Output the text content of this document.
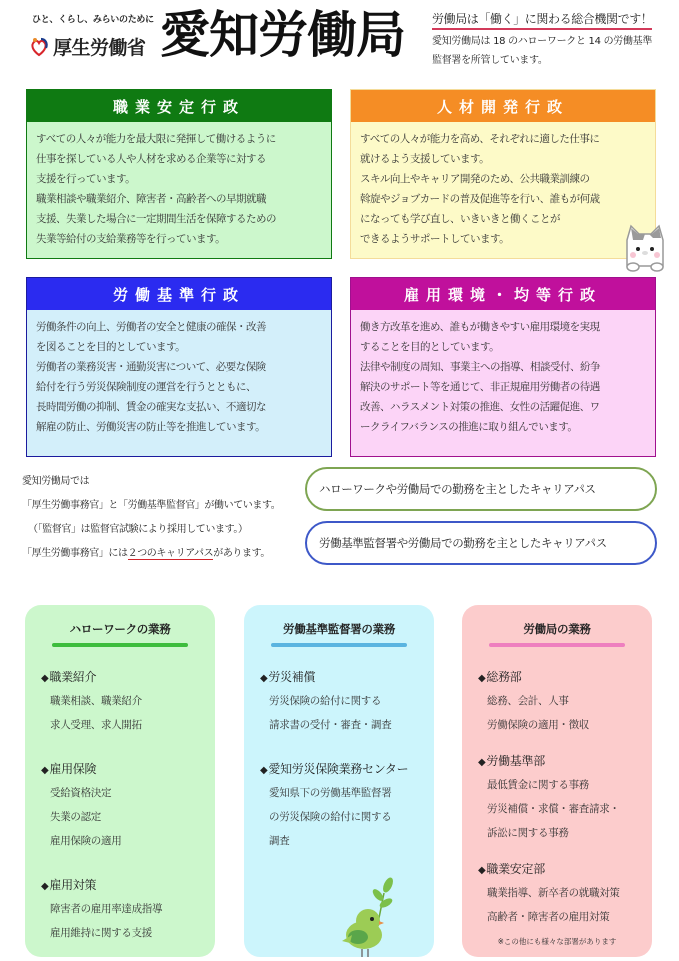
ひと、くらし、みらいのために
厚生労働省 愛知労働局 労働局は「働く」に関わる総合機関です！

愛知労働局は 18 のハローワークと 14 の労働基準

監督署を所管しています。

職業安定行政

すべての人々が能力を最大限に発揮して働けるように

仕事を探している人や人材を求める企業等に対する

支援を行っています。

職業相談や職業紹介、障害者・高齢者への早期就職

支援、失業した場合に一定期間生活を保障するための

失業等給付の支給業務等を行っています。

人材開発行政

すべての人々が能力を高め、それぞれに適した仕事に

就けるよう支援しています。

スキル向上やキャリア開発のため、公共職業訓練の

斡旋やジョブカードの普及促進等を行い、誰もが何歳

になっても学び直し、いきいきと働くことが

できるようサポートしています。

労働基準行政

労働条件の向上、労働者の安全と健康の確保・改善

を図ることを目的としています。

労働者の業務災害・通勤災害について、必要な保険

給付を行う労災保険制度の運営を行うとともに、

長時間労働の抑制、賃金の確実な支払い、不適切な

解雇の防止、労働災害の防止等を推進しています。

雇用環境・均等行政

働き方改革を進め、誰もが働きやすい雇用環境を実現

することを目的としています。

法律や制度の周知、事業主への指導、相談受付、紛争

解決のサポート等を通じて、非正規雇用労働者の待遇

改善、ハラスメント対策の推進、女性の活躍促進、ワ

ークライフバランスの推進に取り組んでいます。

愛知労働局では

「厚生労働事務官」と「労働基準監督官」が働いています。

（「監督官」は監督官試験により採用しています。）

「厚生労働事務官」には２つのキャリアパスがあります。

ハローワークや労働局での勤務を主としたキャリアパス
労働基準監督署や労働局での勤務を主としたキャリアパス
ハローワークの業務
◆職業紹介
職業相談、職業紹介
求人受理、求人開拓
◆雇用保険
受給資格決定
失業の認定
雇用保険の適用
◆雇用対策
障害者の雇用率達成指導
雇用維持に関する支援
労働基準監督署の業務
◆労災補償
労災保険の給付に関する
請求書の受付・審査・調査
◆愛知労災保険業務センター
愛知県下の労働基準監督署
の労災保険の給付に関する
調査
労働局の業務
◆総務部
総務、会計、人事
労働保険の適用・徴収
◆労働基準部
最低賃金に関する事務
労災補償・求償・審査請求・
訴訟に関する事務
◆職業安定部
職業指導、新卒者の就職対策
高齢者・障害者の雇用対策
※この他にも様々な部署があります
